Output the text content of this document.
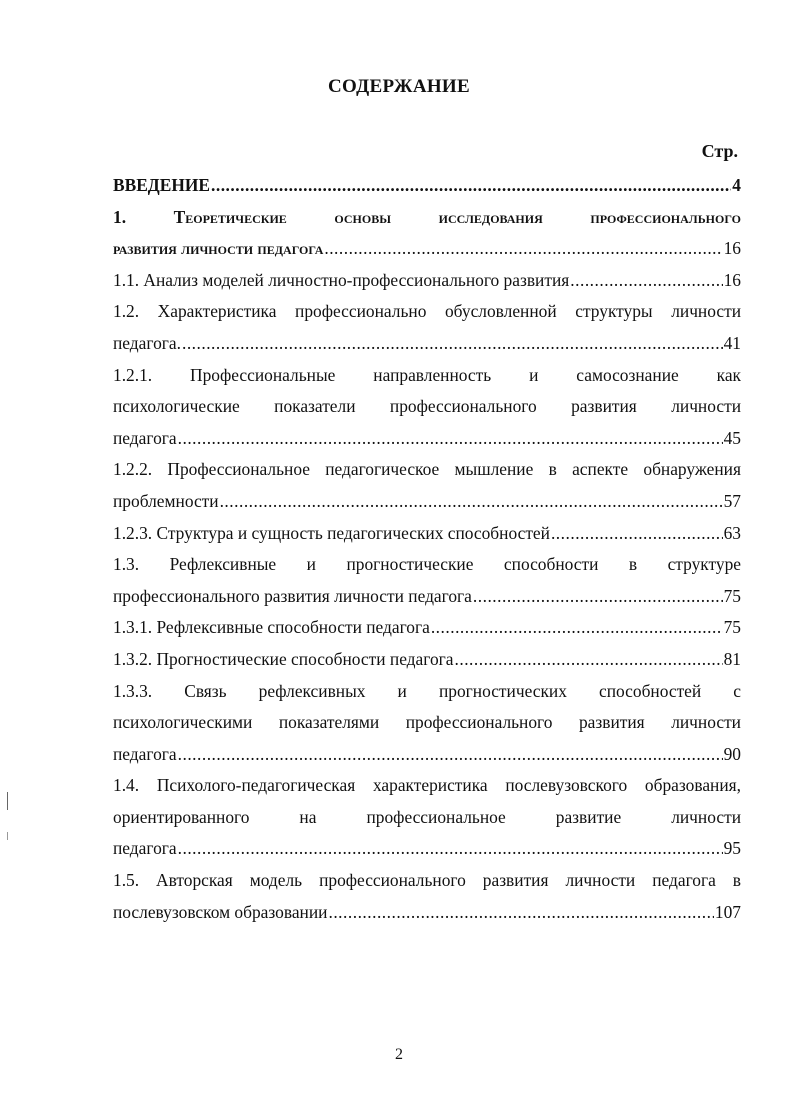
СОДЕРЖАНИЕ
Стр.
ВВЕДЕНИЕ .....	4
1. Теоретические основы исследования профессионального
развития личности педагога .....	16
1.1. Анализ моделей личностно-профессионального развития .....	16
1.2. Характеристика профессионально обусловленной структуры личности
педагога. .....	41
1.2.1. Профессиональные направленность и самосознание как
психологические показатели профессионального развития личности
педагога .....	45
1.2.2. Профессиональное педагогическое мышление в аспекте обнаружения
проблемности .....	57
1.2.3. Структура и сущность педагогических способностей .....	63
1.3. Рефлексивные и прогностические способности в структуре
профессионального развития личности педагога .....	75
1.3.1. Рефлексивные способности педагога .....	75
1.3.2. Прогностические способности педагога .....	81
1.3.3. Связь рефлексивных и прогностических способностей с
психологическими показателями профессионального развития личности
педагога .....	90
1.4. Психолого-педагогическая характеристика послевузовского образования,
ориентированного на профессиональное развитие личности
педагога .....	95
1.5. Авторская модель профессионального развития личности педагога в
послевузовском образовании .....	107
2
